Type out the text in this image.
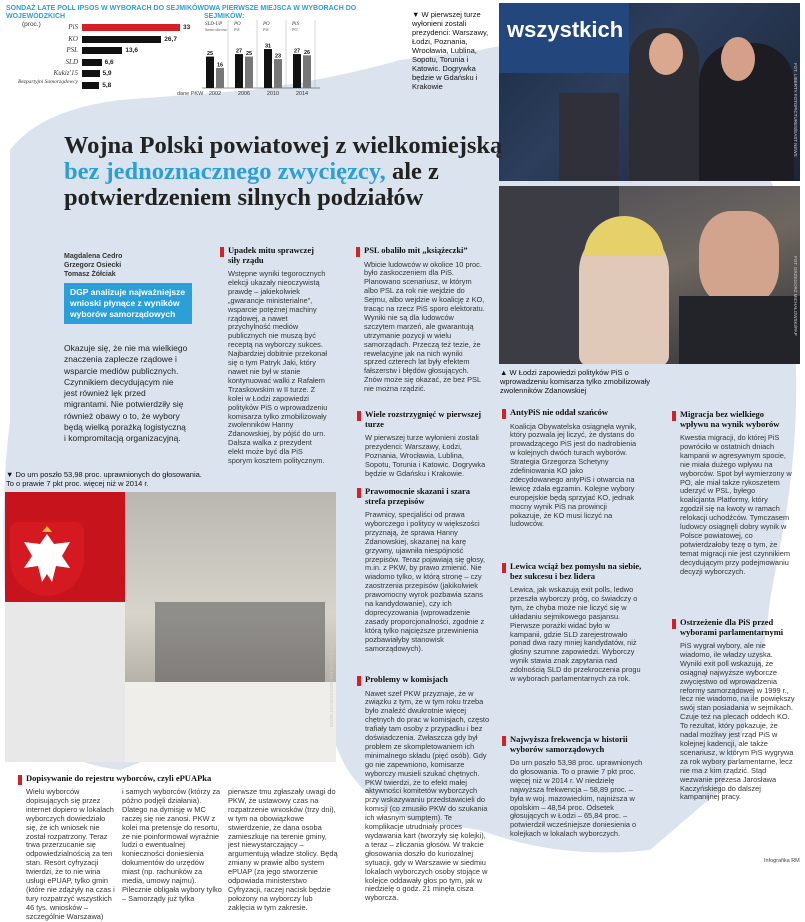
SONDAŻ LATE POLL IPSOS W WYBORACH DO SEJMIKÓW WOJEWÓDZKICH
(proc.)	PiS	33
KO	26,7
PSL	13,6
SLD	6,6
Kukiz'15	5,9
Bezpartyjni Samorządowcy	5,8
dane PKW
DWA PIERWSZE MIEJSCA W WYBORACH DO SEJMIKÓW:
SLD-UP
Samo-obrona
25
16
2002
PO
PiS
27 25
2006
PO
PiS
31
23
2010
PiS
PO
27 26
2014
▼ W pierwszej turze wyłonieni zostali prezydenci: Warszawy, Łodzi, Poznania, Wrocławia, Lublina, Sopotu, Torunia i Katowic. Dogrywka będzie w Gdańsku i Krakowie
wszystkich
FOT. LIBERTY FOTOPICTURES/EAST NEWS
Wojna Polski powiatowej z wielkomiejską bez jednoznacznego zwycięzcy, ale z potwierdzeniem silnych podziałów
FOT. GRZEGORZ MICHAŁOWSKI/PAP
▲ W Łodzi zapowiedzi polityków PiS o wprowadzeniu komisarza tylko zmobilizowały zwolenników Zdanowskiej
Magdalena Cedro
Grzegorz Osiecki
Tomasz Żółciak
DGP analizuje najważniejsze wnioski płynące z wyników wyborów samorządowych
Okazuje się, że nie ma wielkiego znaczenia zaplecze rządowe i wsparcie mediów publicznych. Czynnikiem decydującym nie jest również lęk przed migrantami. Nie potwierdziły się również obawy o to, że wybory będą wielką porażką logistyczną i kompromitacją organizacyjną.
Upadek mitu sprawczej siły rządu

Wstępne wyniki tegorocznych elekcji ukazały nieoczywistą prawdę – jakiekolwiek „gwarancje ministerialne”, wsparcie potężnej machiny rządowej, a nawet przychylność mediów publicznych nie muszą być receptą na wyborczy sukces. Najbardziej dobitnie przekonał się o tym Patryk Jaki, który nawet nie był w stanie kontynuować walki z Rafałem Trzaskowskim w II turze. Z kolei w Łodzi zapowiedzi polityków PiS o wprowadzeniu komisarza tylko zmobilizowały zwolenników Hanny Zdanowskiej, by pójść do urn. Dalsza walka z prezydent elekt może być dla PiS sporym kosztem politycznym.

PSL obaliło mit „książeczki”

Wbicie ludowców w okolice 10 proc. było zaskoczeniem dla PiS. Planowano scenariusz, w którym albo PSL za rok nie wejdzie do Sejmu, albo wejdzie w koalicję z KO, tracąc na rzecz PiS sporo elektoratu. Wyniki nie są dla ludowców szczytem marzeń, ale gwarantują utrzymanie pozycji w wielu samorządach. Przeczą też tezie, że rewelacyjne jak na nich wyniki sprzed czterech lat były efektem fałszerstw i błędów głosujących. Znów może się okazać, że bez PSL nie można rządzić.

Wiele rozstrzygnięć w pierwszej turze

W pierwszej turze wyłonieni zostali prezydenci: Warszawy, Łodzi, Poznania, Wrocławia, Lublina, Sopotu, Torunia i Katowic. Dogrywka będzie w Gdańsku i Krakowie.

AntyPiS nie oddał szańców

Koalicja Obywatelska osiągnęła wynik, który pozwala jej liczyć, że dystans do prowadzącego PiS jest do nadrobienia w kolejnych dwóch turach wyborów. Strategia Grzegorza Schetyny zdefiniowania KO jako zdecydowanego antyPiS i otwarcia na lewicę zdała egzamin. Kolejne wybory europejskie będą sprzyjać KO, jednak mocny wynik PiS na prowincji pokazuje, że KO musi liczyć na ludowców.

Migracja bez wielkiego wpływu na wynik wyborów

Kwestia migracji, do której PiS powróciło w ostatnich dniach kampanii w agresywnym spocie, nie miała dużego wpływu na wyborców. Spot był wymierzony w PO, ale miał także rykoszetem uderzyć w PSL, byłego koalicjanta Platformy, który zgodził się na kwoty w ramach relokacji uchodźców. Tymczasem ludowcy osiągnęli dobry wynik w Polsce powiatowej, co potwierdzałoby tezę o tym, że temat migracji nie jest czynnikiem decydującym przy podejmowaniu decyzji wyborczych.

▼ Do urn poszło 53,98 proc. uprawnionych do głosowania. To o prawie 7 pkt proc. więcej niż w 2014 r.
FOT. ŁUKASZ KALINOWSKI/EAST NEWS
Prawomocnie skazani i szara strefa przepisów

Prawnicy, specjaliści od prawa wyborczego i politycy w większości przyznają, że sprawa Hanny Zdanowskiej, skazanej na karę grzywny, ujawniła niespójność przepisów. Teraz pojawiają się głosy, m.in. z PKW, by prawo zmienić. Nie wiadomo tylko, w którą stronę – czy zaostrzenia przepisów (jakikolwiek prawomocny wyrok pozbawia szans na kandydowanie), czy ich doprecyzowania (wprowadzenie zasady proporcjonalności, zgodnie z którą tylko najcięższe przewinienia pozbawiałyby stanowisk samorządowych).

Lewica wciąż bez pomysłu na siebie, bez sukcesu i bez lidera

Lewica, jak wskazują exit polls, ledwo przeszła wyborczy próg, co świadczy o tym, że chyba może nie liczyć się w układaniu sejmikowego pasjansu. Pierwsze porażki widać było w kampanii, gdzie SLD zarejestrowało ponad dwa razy mniej kandydatów, niż głośny szumne zapowiedzi. Wyborczy wynik stawia znak zapytania nad zdolnością SLD do przekroczenia progu w wyborach parlamentarnych za rok.

Ostrzeżenie dla PiS przed wyborami parlamentarnymi

PiS wygrał wybory, ale nie wiadomo, ile władzy uzyska. Wyniki exit poll wskazują, że osiągnął najwyższe wyborcze zwycięstwo od wprowadzenia reformy samorządowej w 1999 r., lecz nie wiadomo, na ile powiększy swój stan posiadania w sejmikach. Czuje też na plecach oddech KO. To rezultat, który pokazuje, że nadal możliwy jest rząd PiS w kolejnej kadencji, ale także scenariusz, w którym PiS wygrywa za rok wybory parlamentarne, lecz nie ma z kim rządzić. Stąd wezwanie prezesa Jarosława Kaczyńskiego do dalszej kampanijnej pracy.

Problemy w komisjach

Nawet szef PKW przyznaje, że w związku z tym, że w tym roku trzeba było znaleźć dwukrotnie więcej chętnych do prac w komisjach, często trafiały tam osoby z przypadku i bez doświadczenia. Zwłaszcza gdy był problem ze skompletowaniem ich minimalnego składu (pięć osób). Gdy go nie zapewniono, komisarze wyborczy musieli szukać chętnych. PKW twierdzi, że to efekt małej aktywności komitetów wyborczych przy wskazywaniu przedstawicieli do komisji (co zmusiło PKW do szukania ich własnym sumptem). Te komplikacje utrudniały proces wydawania kart (tworzyły się kolejki), a teraz – zliczania głosów. W trakcie głosowania doszło do kuriozalnej sytuacji, gdy w Warszawie w siedmiu lokalach wyborczych osoby stojące w kolejce oddawały głos po tym, jak w niedzielę o godz. 21 minęła cisza wyborcza.

Najwyższa frekwencja w historii wyborów samorządowych

Do urn poszło 53,98 proc. uprawnionych do głosowania. To o prawie 7 pkt proc. więcej niż w 2014 r. W niedzielę najwyższa frekwencja – 58,89 proc. – była w woj. mazowieckim, najniższa w opolskim – 48,54 proc. Odsetek głosujących w Łodzi – 65,84 proc. – potwierdził wcześniejsze doniesienia o kolejkach w lokalach wyborczych.

Dopisywanie do rejestru wyborców, czyli ePUAPka
Wielu wyborców dopisujących się przez internet dopiero w lokalach wyborczych dowiedziało się, że ich wniosek nie został rozpatrzony. Teraz trwa przerzucanie się odpowiedzialnością za ten stan. Resort cyfryzacji twierdzi, że to nie wina usługi ePUAP, tylko gmin (które nie zdążyły na czas i tury rozpatrzyć wszystkich 46 tys. wniosków – szczególnie Warszawa)
i samych wyborców (którzy za późno podjęli działania). Dlatego na dymisję w MC raczej się nie zanosi. PKW z kolei ma pretensje do resortu, że nie poinformował wyraźnie ludzi o ewentualnej konieczności doniesienia dokumentów do urzędów miast (np. rachunków za media, umowy najmu). Pilecznie obligała wybory tylko – Samorządy już tylka
pierwsze tmu zgłaszały uwagi do PKW, że ustawowy czas na rozpatrzenie wniosków (trzy dni), w tym na obowiązkowe stwierdzenie, że dana osoba zamieszkuje na terenie gminy, jest niewystarczający – argumentują władze stolicy. Będą zmiany w prawie albo system ePUAP (za jego stworzenie odpowiada ministerstwo Cyfryzacji, raczej nacisk będzie położony na wyborczy lub zaklęcia w tym zakresie.
Infografika RM
